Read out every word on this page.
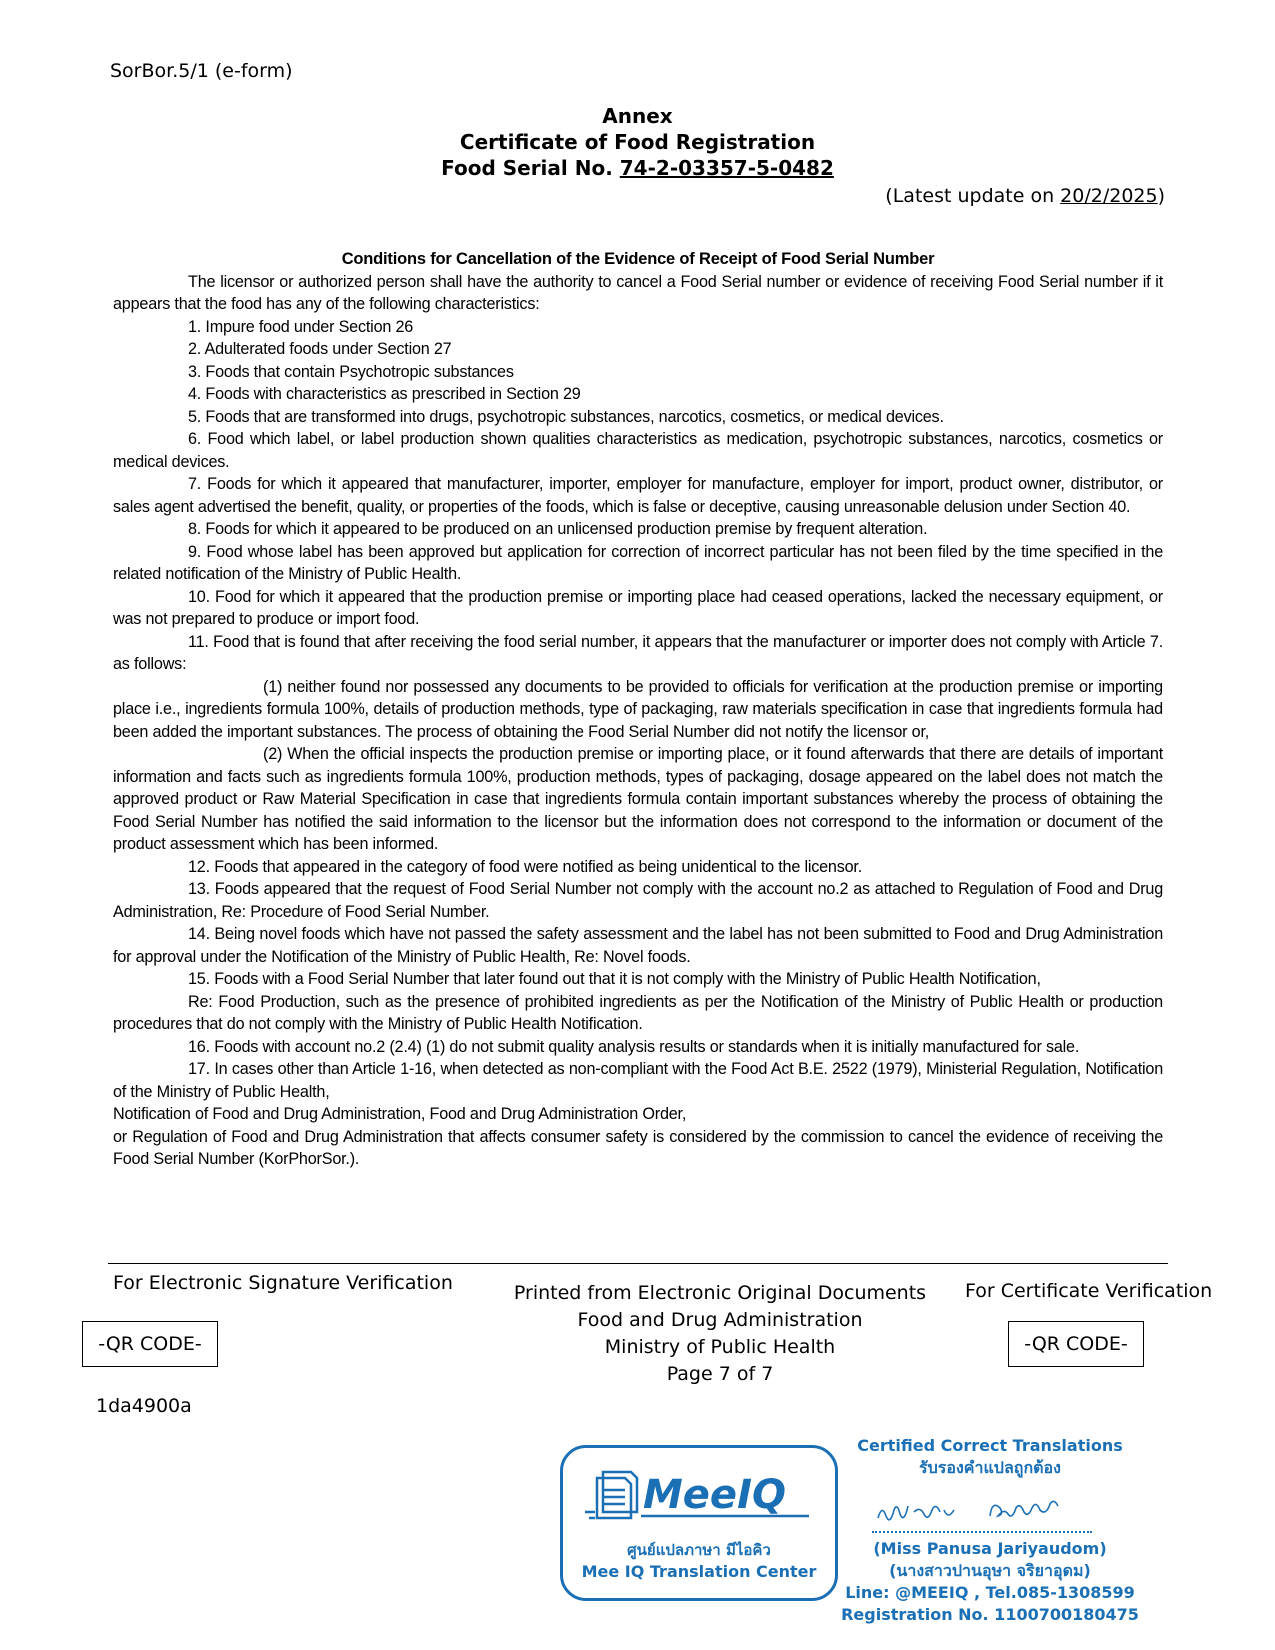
SorBor.5/1 (e-form)
Annex
Certificate of Food Registration
Food Serial No. 74-2-03357-5-0482
(Latest update on 20/2/2025)

Conditions for Cancellation of the Evidence of Receipt of Food Serial Number

The licensor or authorized person shall have the authority to cancel a Food Serial number or evidence of receiving Food Serial number if it appears that the food has any of the following characteristics:

1. Impure food under Section 26

2. Adulterated foods under Section 27

3. Foods that contain Psychotropic substances

4. Foods with characteristics as prescribed in Section 29

5. Foods that are transformed into drugs, psychotropic substances, narcotics, cosmetics, or medical devices.

6. Food which label, or label production shown qualities characteristics as medication, psychotropic substances, narcotics, cosmetics or medical devices.

7. Foods for which it appeared that manufacturer, importer, employer for manufacture, employer for import, product owner, distributor, or sales agent advertised the benefit, quality, or properties of the foods, which is false or deceptive, causing unreasonable delusion under Section 40.

8. Foods for which it appeared to be produced on an unlicensed production premise by frequent alteration.

9. Food whose label has been approved but application for correction of incorrect particular has not been filed by the time specified in the related notification of the Ministry of Public Health.

10. Food for which it appeared that the production premise or importing place had ceased operations, lacked the necessary equipment, or was not prepared to produce or import food.

11. Food that is found that after receiving the food serial number, it appears that the manufacturer or importer does not comply with Article 7. as follows:

(1) neither found nor possessed any documents to be provided to officials for verification at the production premise or importing place i.e., ingredients formula 100%, details of production methods, type of packaging, raw materials specification in case that ingredients formula had been added the important substances. The process of obtaining the Food Serial Number did not notify the licensor or,

(2) When the official inspects the production premise or importing place, or it found afterwards that there are details of important information and facts such as ingredients formula 100%, production methods, types of packaging, dosage appeared on the label does not match the approved product or Raw Material Specification in case that ingredients formula contain important substances whereby the process of obtaining the Food Serial Number has notified the said information to the licensor but the information does not correspond to the information or document of the product assessment which has been informed.

12. Foods that appeared in the category of food were notified as being unidentical to the licensor.

13. Foods appeared that the request of Food Serial Number not comply with the account no.2 as attached to Regulation of Food and Drug Administration, Re: Procedure of Food Serial Number.

14. Being novel foods which have not passed the safety assessment and the label has not been submitted to Food and Drug Administration for approval under the Notification of the Ministry of Public Health, Re: Novel foods.

15. Foods with a Food Serial Number that later found out that it is not comply with the Ministry of Public Health Notification,

Re: Food Production, such as the presence of prohibited ingredients as per the Notification of the Ministry of Public Health or production procedures that do not comply with the Ministry of Public Health Notification.

16. Foods with account no.2 (2.4) (1) do not submit quality analysis results or standards when it is initially manufactured for sale.

17. In cases other than Article 1-16, when detected as non-compliant with the Food Act B.E. 2522 (1979), Ministerial Regulation, Notification of the Ministry of Public Health,

Notification of Food and Drug Administration, Food and Drug Administration Order,

or Regulation of Food and Drug Administration that affects consumer safety is considered by the commission to cancel the evidence of receiving the Food Serial Number (KorPhorSor.).

For Electronic Signature Verification	Printed from Electronic Original Documents
Food and Drug Administration
Ministry of Public Health
Page 7 of 7
For Certificate Verification
-QR CODE-	-QR CODE-
1da4900a
MeeIQ
ศูนย์แปลภาษา มีไอคิว
Mee IQ Translation Center
Certified Correct Translations
รับรองคำแปลถูกต้อง
(Miss Panusa Jariyaudom)
(นางสาวปานอุษา จริยาอุดม)
Line: @MEEIQ , Tel.085-1308599
Registration No. 1100700180475
